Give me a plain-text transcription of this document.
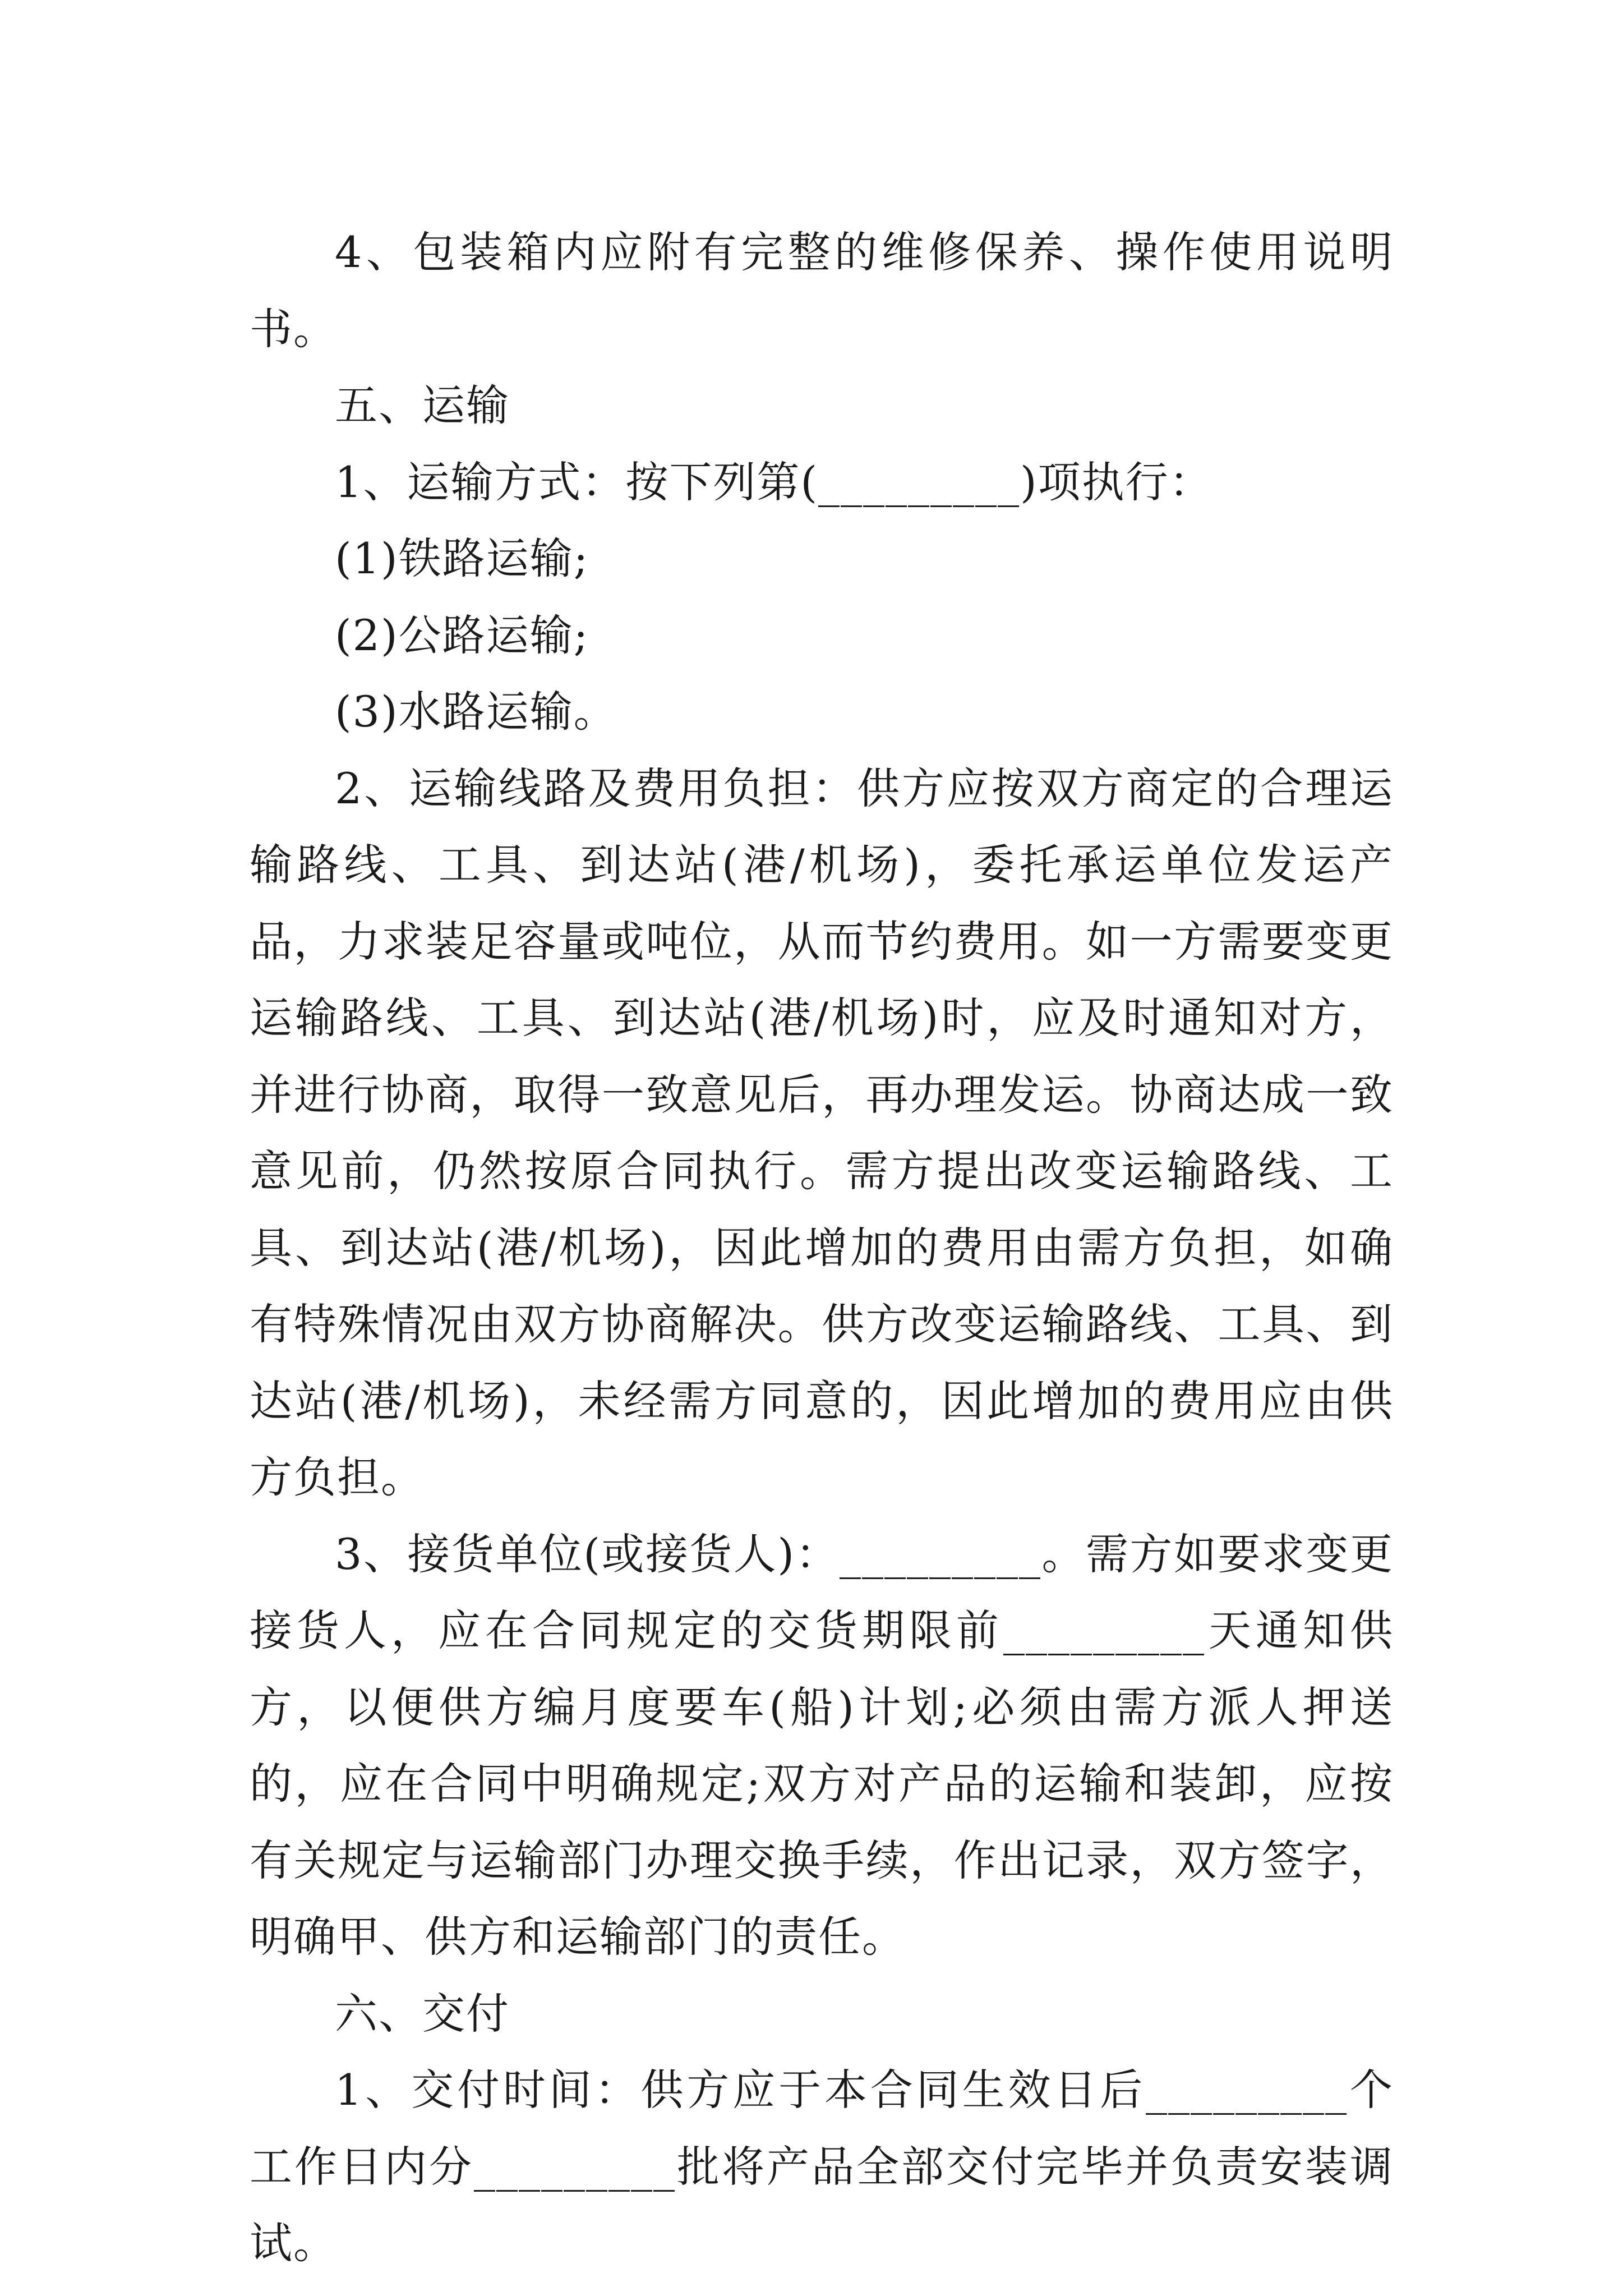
4、包装箱内应附有完整的维修保养、操作使用说明书。

五、运输

1、运输方式：按下列第(_________)项执行：

(1)铁路运输;

(2)公路运输;

(3)水路运输。

2、运输线路及费用负担：供方应按双方商定的合理运输路线、工具、到达站(港/机场)，委托承运单位发运产品，力求装足容量或吨位，从而节约费用。如一方需要变更运输路线、工具、到达站(港/机场)时，应及时通知对方，并进行协商，取得一致意见后，再办理发运。协商达成一致意见前，仍然按原合同执行。需方提出改变运输路线、工具、到达站(港/机场)，因此增加的费用由需方负担，如确有特殊情况由双方协商解决。供方改变运输路线、工具、到达站(港/机场)，未经需方同意的，因此增加的费用应由供方负担。

3、接货单位(或接货人)：_________。需方如要求变更接货人，应在合同规定的交货期限前_________天通知供方，以便供方编月度要车(船)计划;必须由需方派人押送的，应在合同中明确规定;双方对产品的运输和装卸，应按有关规定与运输部门办理交换手续，作出记录，双方签字，明确甲、供方和运输部门的责任。

六、交付

1、交付时间：供方应于本合同生效日后_________个工作日内分_________批将产品全部交付完毕并负责安装调试。
